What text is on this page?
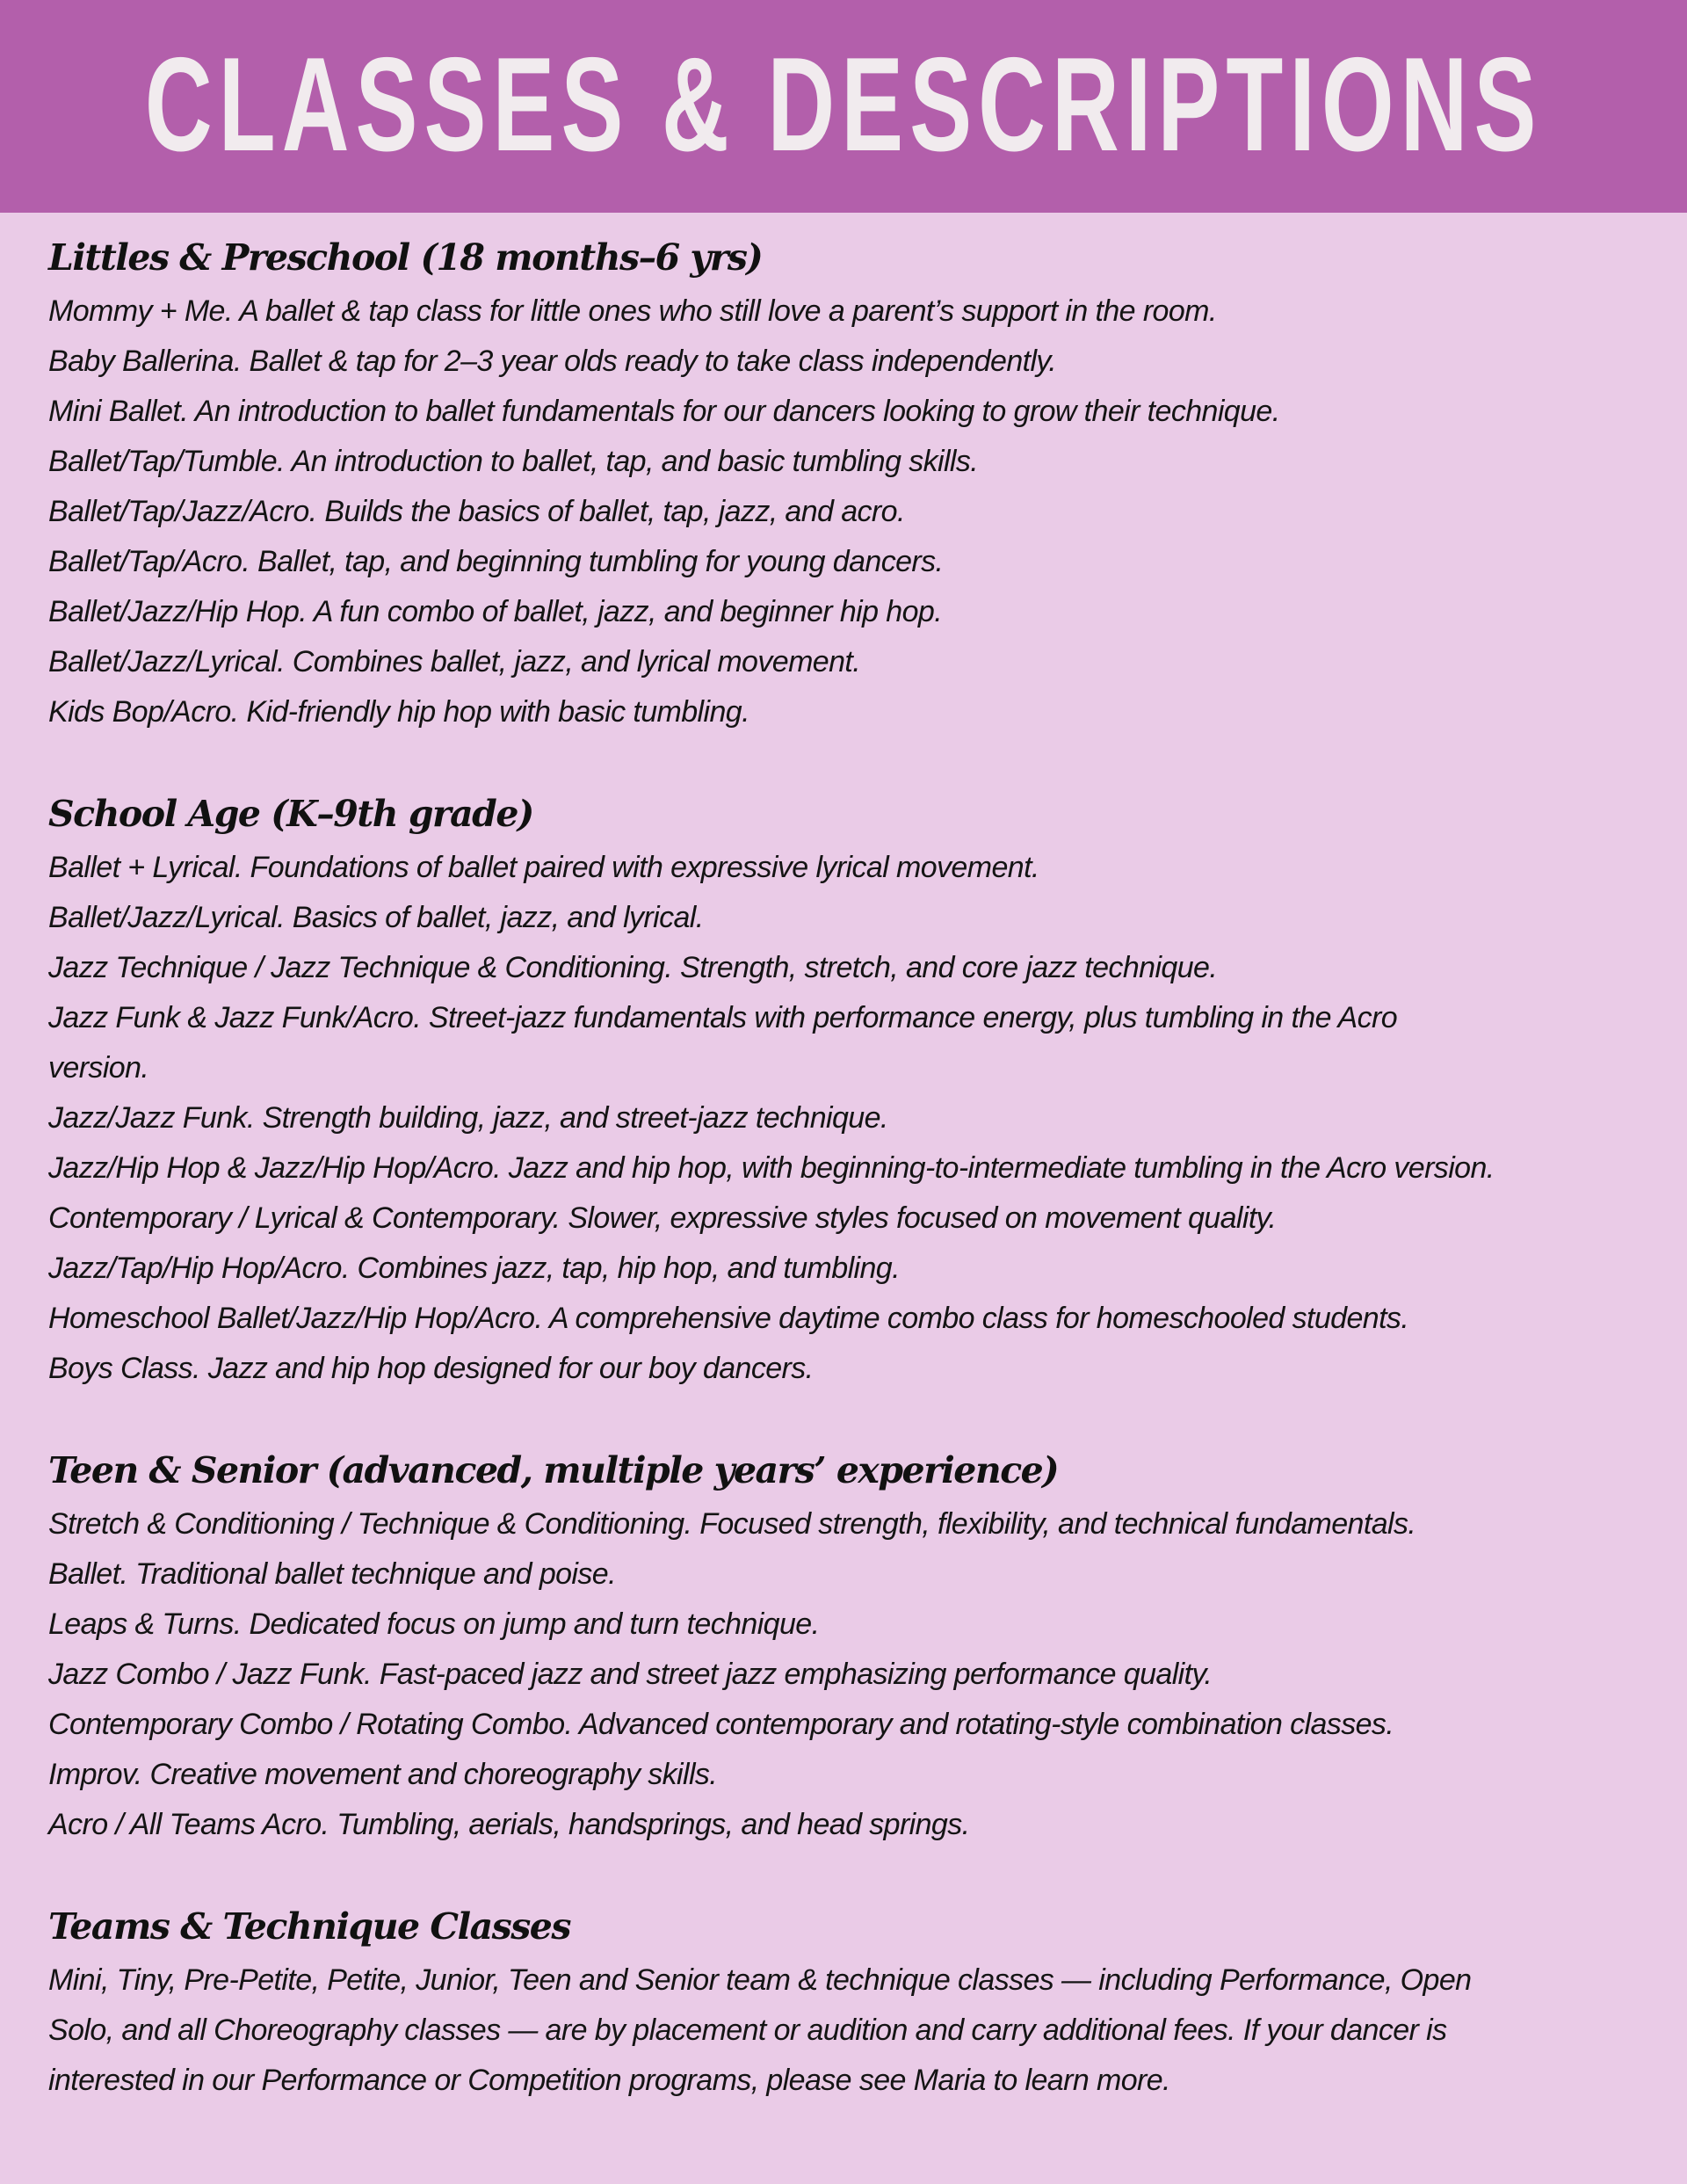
CLASSES & DESCRIPTIONS
Littles & Preschool (18 months–6 yrs)

Mommy + Me. A ballet & tap class for little ones who still love a parent’s support in the room.

Baby Ballerina. Ballet & tap for 2–3 year olds ready to take class independently.

Mini Ballet. An introduction to ballet fundamentals for our dancers looking to grow their technique.

Ballet/Tap/Tumble. An introduction to ballet, tap, and basic tumbling skills.

Ballet/Tap/Jazz/Acro. Builds the basics of ballet, tap, jazz, and acro.

Ballet/Tap/Acro. Ballet, tap, and beginning tumbling for young dancers.

Ballet/Jazz/Hip Hop. A fun combo of ballet, jazz, and beginner hip hop.

Ballet/Jazz/Lyrical. Combines ballet, jazz, and lyrical movement.

Kids Bop/Acro. Kid-friendly hip hop with basic tumbling.

School Age (K–9th grade)

Ballet + Lyrical. Foundations of ballet paired with expressive lyrical movement.

Ballet/Jazz/Lyrical. Basics of ballet, jazz, and lyrical.

Jazz Technique / Jazz Technique & Conditioning. Strength, stretch, and core jazz technique.

Jazz Funk & Jazz Funk/Acro. Street-jazz fundamentals with performance energy, plus tumbling in the Acro version.

Jazz/Jazz Funk. Strength building, jazz, and street-jazz technique.

Jazz/Hip Hop & Jazz/Hip Hop/Acro. Jazz and hip hop, with beginning-to-intermediate tumbling in the Acro version.

Contemporary / Lyrical & Contemporary. Slower, expressive styles focused on movement quality.

Jazz/Tap/Hip Hop/Acro. Combines jazz, tap, hip hop, and tumbling.

Homeschool Ballet/Jazz/Hip Hop/Acro. A comprehensive daytime combo class for homeschooled students.

Boys Class. Jazz and hip hop designed for our boy dancers.

Teen & Senior (advanced, multiple years’ experience)

Stretch & Conditioning / Technique & Conditioning. Focused strength, flexibility, and technical fundamentals.

Ballet. Traditional ballet technique and poise.

Leaps & Turns. Dedicated focus on jump and turn technique.

Jazz Combo / Jazz Funk. Fast-paced jazz and street jazz emphasizing performance quality.

Contemporary Combo / Rotating Combo. Advanced contemporary and rotating-style combination classes.

Improv. Creative movement and choreography skills.

Acro / All Teams Acro. Tumbling, aerials, handsprings, and head springs.

Teams & Technique Classes

Mini, Tiny, Pre-Petite, Petite, Junior, Teen and Senior team & technique classes — including Performance, Open Solo, and all Choreography classes — are by placement or audition and carry additional fees. If your dancer is interested in our Performance or Competition programs, please see Maria to learn more.
